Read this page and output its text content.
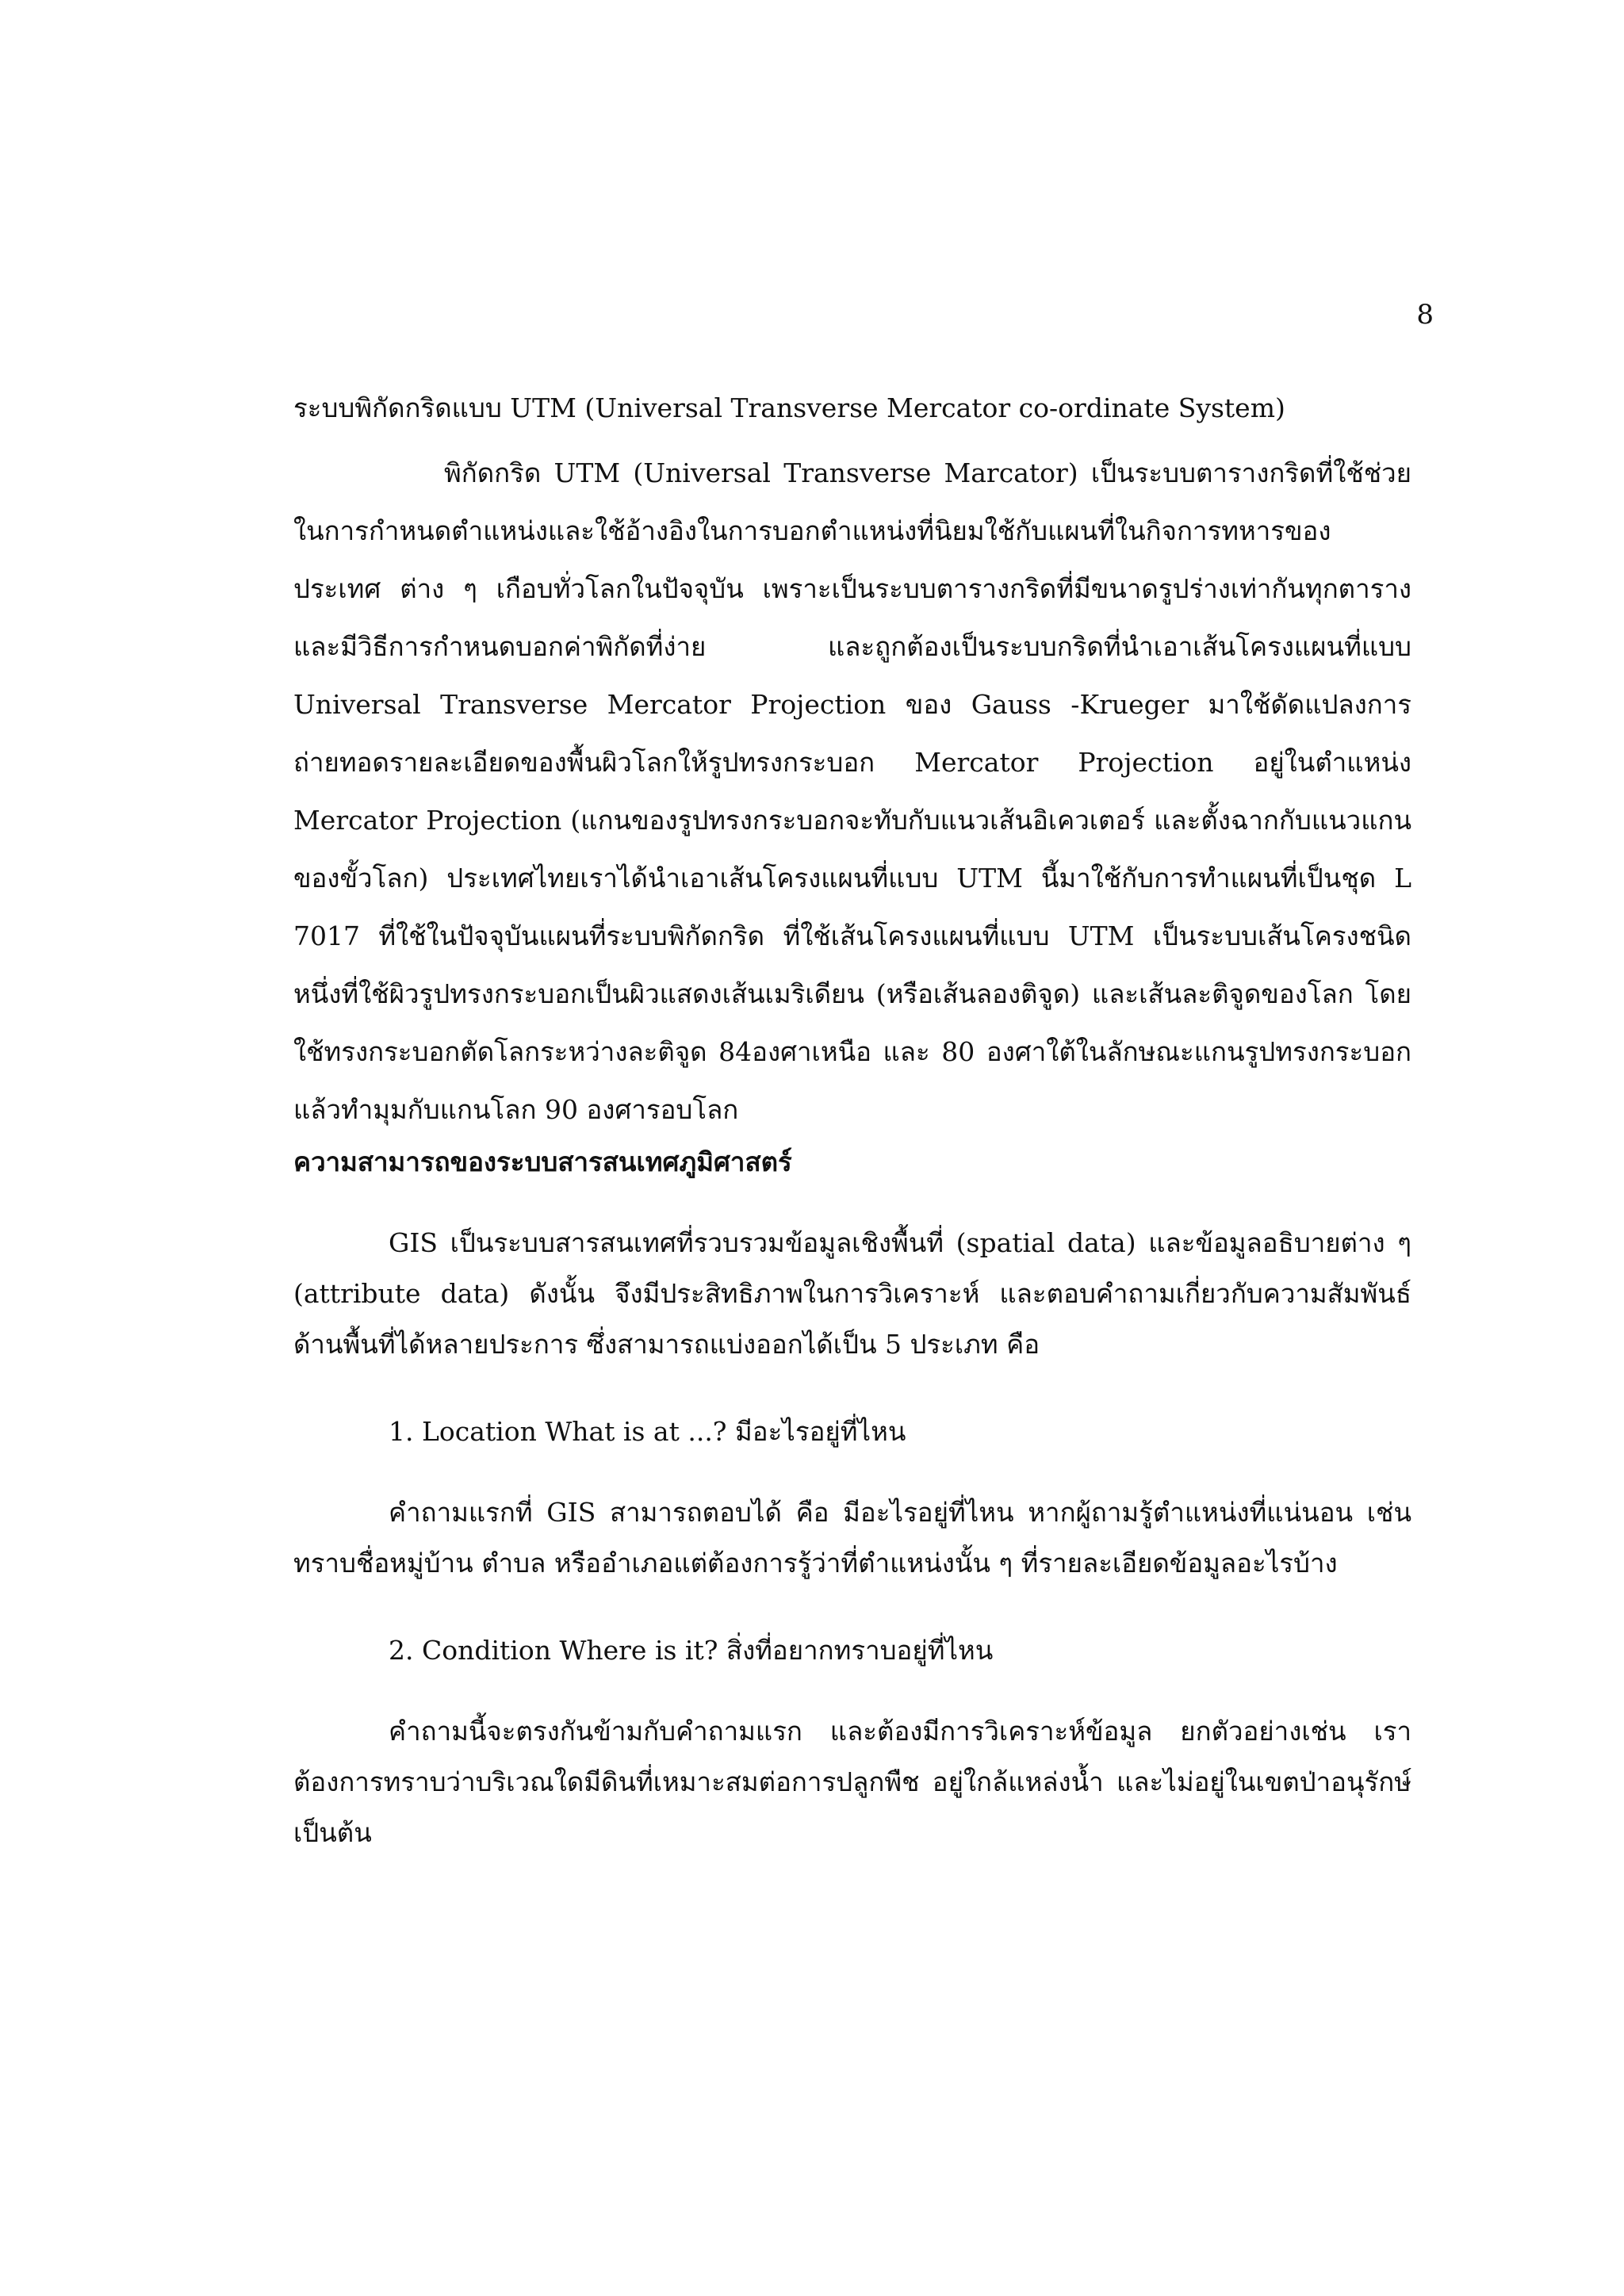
8
ระบบพิกัดกริดแบบ UTM (Universal Transverse Mercator co-ordinate System)

พิกัดกริด UTM (Universal Transverse Marcator) เป็นระบบตารางกริดที่ใช้ช่วยในการกำหนดตำแหน่งและใช้อ้างอิงในการบอกตำแหน่งที่นิยมใช้กับแผนที่ในกิจการทหารของประเทศ ต่าง ๆ เกือบทั่วโลกในปัจจุบัน เพราะเป็นระบบตารางกริดที่มีขนาดรูปร่างเท่ากันทุกตารางและมีวิธีการกำหนดบอกค่าพิกัดที่ง่าย และถูกต้องเป็นระบบกริดที่นำเอาเส้นโครงแผนที่แบบ Universal Transverse Mercator Projection ของ Gauss -Krueger มาใช้ดัดแปลงการถ่ายทอดรายละเอียดของพื้นผิวโลกให้รูปทรงกระบอก Mercator Projection อยู่ในตำแหน่ง Mercator Projection (แกนของรูปทรงกระบอกจะทับกับแนวเส้นอิเควเตอร์ และตั้งฉากกับแนวแกนของขั้วโลก) ประเทศไทยเราได้นำเอาเส้นโครงแผนที่แบบ UTM นี้มาใช้กับการทำแผนที่เป็นชุด L 7017 ที่ใช้ในปัจจุบันแผนที่ระบบพิกัดกริด ที่ใช้เส้นโครงแผนที่แบบ UTM เป็นระบบเส้นโครงชนิดหนึ่งที่ใช้ผิวรูปทรงกระบอกเป็นผิวแสดงเส้นเมริเดียน (หรือเส้นลองติจูด) และเส้นละติจูดของโลก โดยใช้ทรงกระบอกตัดโลกระหว่างละติจูด 84องศาเหนือ และ 80 องศาใต้ในลักษณะแกนรูปทรงกระบอกแล้วทำมุมกับแกนโลก 90 องศารอบโลก

ความสามารถของระบบสารสนเทศภูมิศาสตร์

GIS เป็นระบบสารสนเทศที่รวบรวมข้อมูลเชิงพื้นที่ (spatial data) และข้อมูลอธิบายต่าง ๆ (attribute data) ดังนั้น จึงมีประสิทธิภาพในการวิเคราะห์ และตอบคำถามเกี่ยวกับความสัมพันธ์ด้านพื้นที่ได้หลายประการ ซึ่งสามารถแบ่งออกได้เป็น 5 ประเภท คือ

1. Location What is at ...? มีอะไรอยู่ที่ไหน

คำถามแรกที่ GIS สามารถตอบได้ คือ มีอะไรอยู่ที่ไหน หากผู้ถามรู้ตำแหน่งที่แน่นอน เช่น ทราบชื่อหมู่บ้าน ตำบล หรืออำเภอแต่ต้องการรู้ว่าที่ตำแหน่งนั้น ๆ ที่รายละเอียดข้อมูลอะไรบ้าง

2. Condition Where is it? สิ่งที่อยากทราบอยู่ที่ไหน

คำถามนี้จะตรงกันข้ามกับคำถามแรก และต้องมีการวิเคราะห์ข้อมูล ยกตัวอย่างเช่น เราต้องการทราบว่าบริเวณใดมีดินที่เหมาะสมต่อการปลูกพืช อยู่ใกล้แหล่งน้ำ และไม่อยู่ในเขตป่าอนุรักษ์ เป็นต้น
